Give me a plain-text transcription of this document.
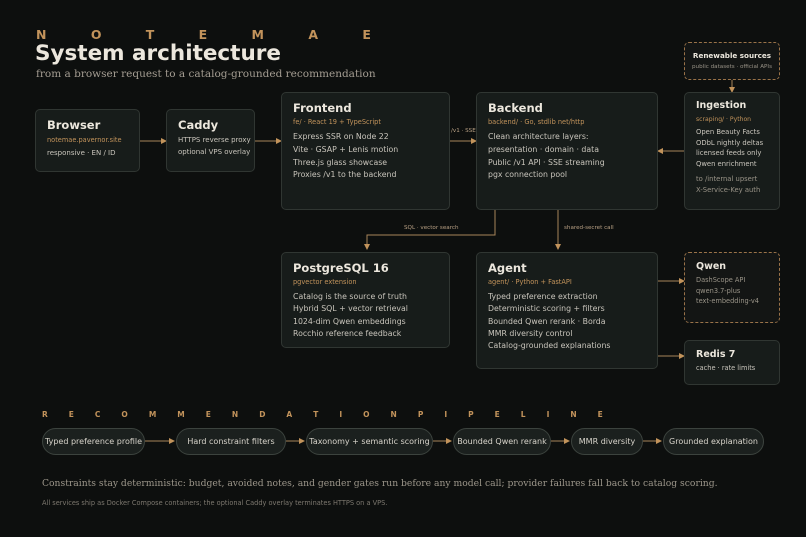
N O T E M A E
System architecture
from a browser request to a catalog-grounded recommendation
/v1 · SSE
SQL · vector search	shared-secret call
Browser
notemae.pavernor.site
responsive · EN / ID
Caddy
HTTPS reverse proxy
optional VPS overlay
Frontend
fe/ · React 19 + TypeScript
Express SSR on Node 22
Vite · GSAP + Lenis motion
Three.js glass showcase
Proxies /v1 to the backend
Backend
backend/ · Go, stdlib net/http
Clean architecture layers:
presentation · domain · data
Public /v1 API · SSE streaming
pgx connection pool
Renewable sources
public datasets · official APIs
Ingestion
scraping/ · Python
Open Beauty Facts
ODbL nightly deltas
licensed feeds only
Qwen enrichment
to /internal upsert
X-Service-Key auth
PostgreSQL 16
pgvector extension
Catalog is the source of truth
Hybrid SQL + vector retrieval
1024-dim Qwen embeddings
Rocchio reference feedback
Agent
agent/ · Python + FastAPI
Typed preference extraction
Deterministic scoring + filters
Bounded Qwen rerank · Borda
MMR diversity control
Catalog-grounded explanations
Qwen
DashScope API
qwen3.7-plus
text-embedding-v4
Redis 7
cache · rate limits
R E C O M M E N D A T I O N P I P E L I N E
Typed preference profile	Hard constraint filters	Taxonomy + semantic scoring	Bounded Qwen rerank	MMR diversity	Grounded explanation
Constraints stay deterministic: budget, avoided notes, and gender gates run before any model call; provider failures fall back to catalog scoring.
All services ship as Docker Compose containers; the optional Caddy overlay terminates HTTPS on a VPS.
